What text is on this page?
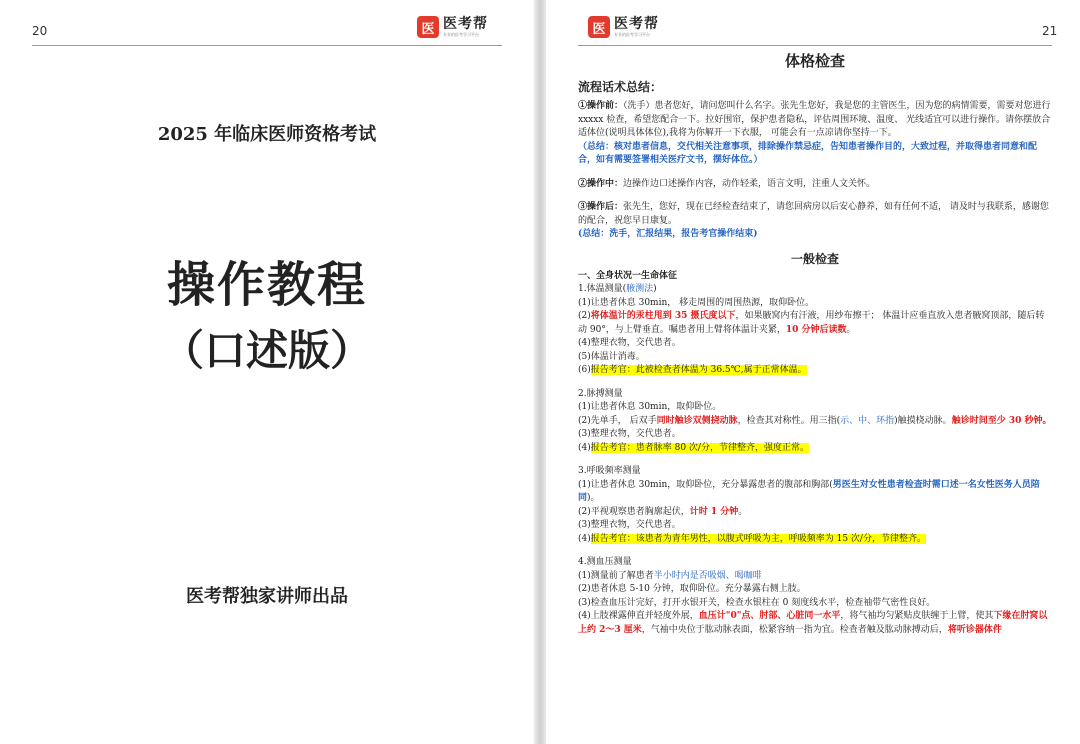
20	医 医考帮
专业的医考学习平台
2025 年临床医师资格考试
操作教程
（口述版）
医考帮独家讲师出品
医 医考帮
专业的医考学习平台	21
体格检查
流程话术总结：

①操作前：（洗手）患者您好，请问您叫什么名字。张先生您好，我是您的主管医生，因为您的病情需要，需要对您进行 xxxxx 检查，希望您配合一下。拉好围帘，保护患者隐私，评估周围环境、温度、 光线适宜可以进行操作。请你摆放合适体位(说明具体体位),我将为你解开一下衣服， 可能会有一点凉请你坚持一下。

（总结：核对患者信息，交代相关注意事项，排除操作禁忌症，告知患者操作目的，大致过程，并取得患者同意和配合，如有需要签署相关医疗文书，摆好体位。）

②操作中：边操作边口述操作内容，动作轻柔，语言文明，注重人文关怀。

③操作后：张先生，您好，现在已经检查结束了，请您回病房以后安心静养，如有任何不适， 请及时与我联系，感谢您的配合，祝您早日康复。

(总结：洗手，汇报结果，报告考官操作结束)

一般检查

一、全身状况一生命体征

1.体温测量(腋测法)

(1)让患者休息 30min， 移走周围的周围热源，取仰卧位。

(2)将体温计的汞柱甩到 35 摄氏度以下，如果腋窝内有汗液，用纱布擦干； 体温计应垂直放入患者腋窝顶部，随后转动 90°，与上臂垂直。嘱患者用上臂将体温计夹紧，10 分钟后读数。

(4)整理衣物，交代患者。

(5)体温计消毒。

(6)报告考官：此被检查者体温为 36.5℃,属于正常体温。

2.脉搏测量

(1)让患者休息 30min，取仰卧位。

(2)先单手， 后双手同时触诊双侧挠动脉，检查其对称性。用三指(示、中、环指)触摸桡动脉。触诊时间至少 30 秒钟。

(3)整理衣物，交代患者。

(4)报告考官：患者脉率 80 次/分，节律整齐，强度正常。

3.呼吸频率测量

(1)让患者休息 30min，取仰卧位，充分暴露患者的腹部和胸部(男医生对女性患者检查时需口述一名女性医务人员陪同)。

(2)平视观察患者胸廓起伏，计时 1 分钟。

(3)整理衣物，交代患者。

(4)报告考官：该患者为青年男性，以腹式呼吸为主，呼吸频率为 15 次/分，节律整齐。

4.测血压测量

(1)测量前了解患者半小时内是否吸烟、喝咖啡

(2)患者休息 5-10 分钟，取仰卧位。充分暴露右侧上肢。

(3)检查血压计完好，打开水银开关，检查水银柱在 0 刻度线水平，检查袖带气密性良好。

(4)上肢裸露伸直并轻度外展，血压计"0"点、肘部、心脏同一水平，将气袖均匀紧贴皮肤缠于上臂，使其下缘在肘窝以上约 2～3 厘米，气袖中央位于肱动脉表面，松紧容纳一指为宜。检查者触及肱动脉搏动后，将听诊器体件
